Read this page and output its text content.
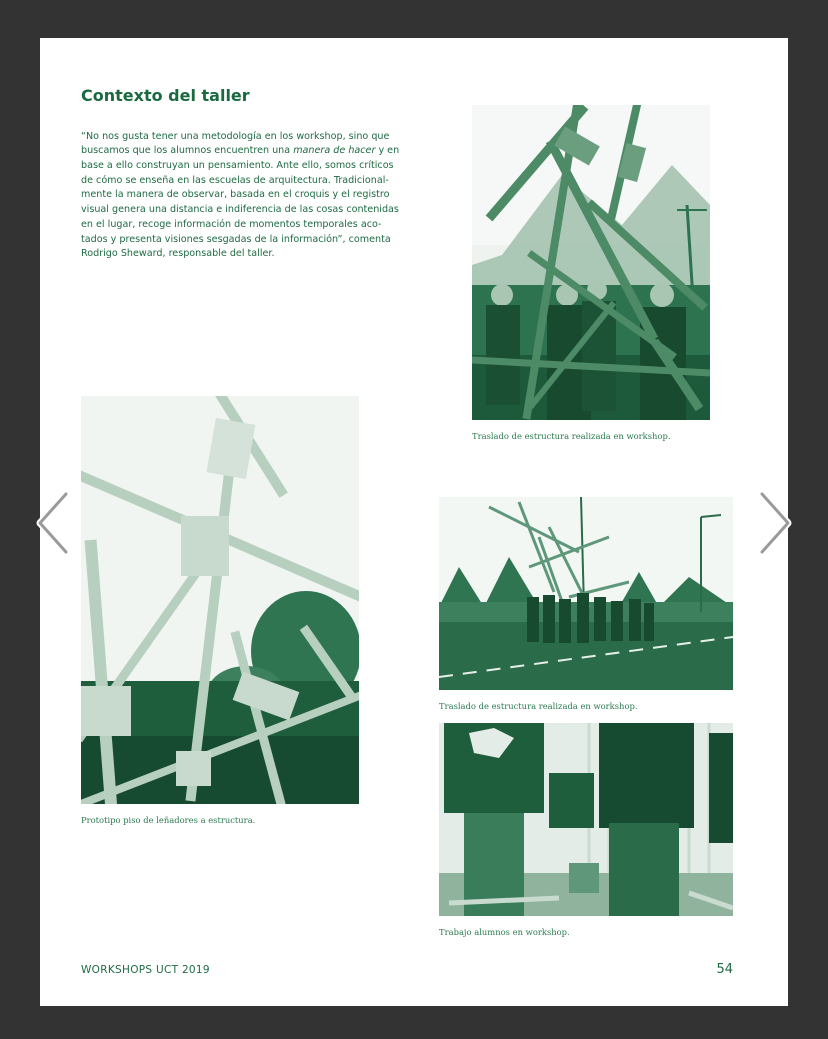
Contexto del taller

“No nos gusta tener una metodología en los workshop, sino que buscamos que los alumnos encuentren una manera de hacer y en base a ello construyan un pensamiento. Ante ello, somos críticos de cómo se enseña en las escuelas de arquitectura. Tradicional-mente la manera de observar, basada en el croquis y el registro visual genera una distancia e indiferencia de las cosas contenidas en el lugar, recoge información de momentos temporales aco-tados y presenta visiones sesgadas de la información”, comenta Rodrigo Sheward, responsable del taller.

Traslado de estructura realizada en workshop.
Prototipo piso de leñadores a estructura.
Traslado de estructura realizada en workshop.
Trabajo alumnos en workshop.
WORKSHOPS UCT 2019	54
